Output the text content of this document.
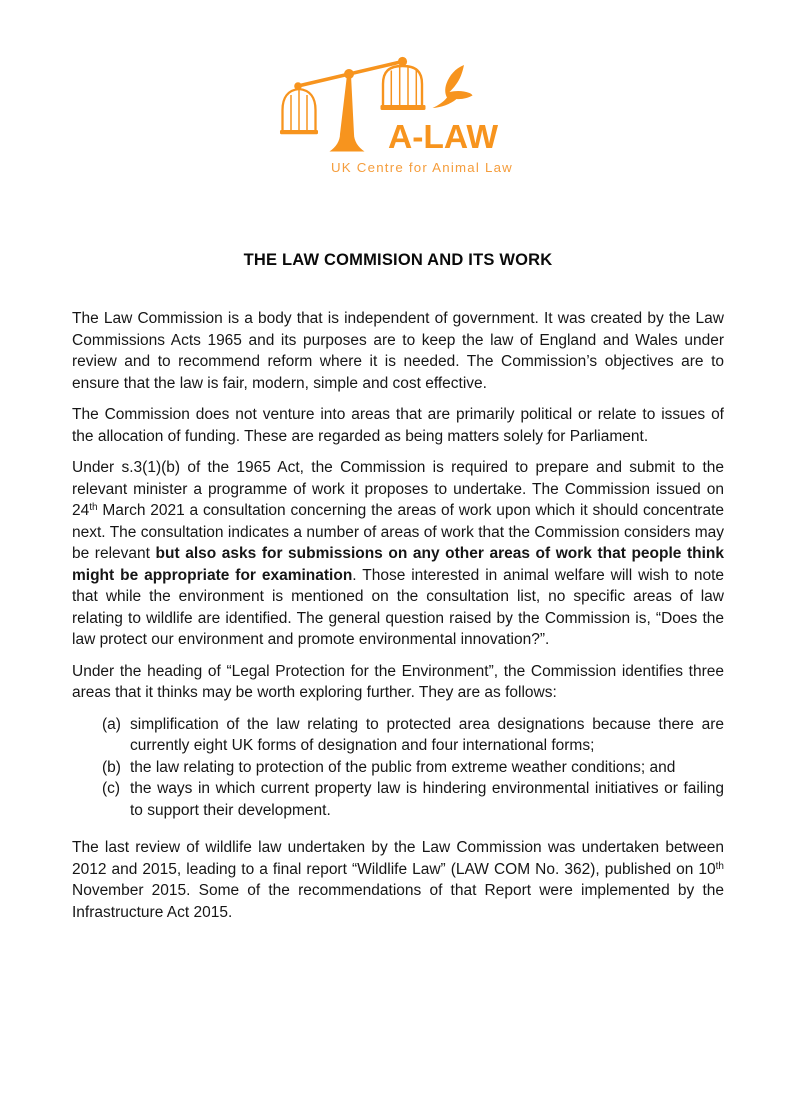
A-LAW
UK Centre for Animal Law
THE LAW COMMISION AND ITS WORK

The Law Commission is a body that is independent of government. It was created by the Law Commissions Acts 1965 and its purposes are to keep the law of England and Wales under review and to recommend reform where it is needed. The Commission’s objectives are to ensure that the law is fair, modern, simple and cost effective.

The Commission does not venture into areas that are primarily political or relate to issues of the allocation of funding. These are regarded as being matters solely for Parliament.

Under s.3(1)(b) of the 1965 Act, the Commission is required to prepare and submit to the relevant minister a programme of work it proposes to undertake. The Commission issued on 24th March 2021 a consultation concerning the areas of work upon which it should concentrate next. The consultation indicates a number of areas of work that the Commission considers may be relevant but also asks for submissions on any other areas of work that people think might be appropriate for examination. Those interested in animal welfare will wish to note that while the environment is mentioned on the consultation list, no specific areas of law relating to wildlife are identified. The general question raised by the Commission is, “Does the law protect our environment and promote environmental innovation?”.

Under the heading of “Legal Protection for the Environment”, the Commission identifies three areas that it thinks may be worth exploring further. They are as follows:

(a) simplification of the law relating to protected area designations because there are currently eight UK forms of designation and four international forms;
(b) the law relating to protection of the public from extreme weather conditions; and
(c) the ways in which current property law is hindering environmental initiatives or failing to support their development.

The last review of wildlife law undertaken by the Law Commission was undertaken between 2012 and 2015, leading to a final report “Wildlife Law” (LAW COM No. 362), published on 10th November 2015. Some of the recommendations of that Report were implemented by the Infrastructure Act 2015.
